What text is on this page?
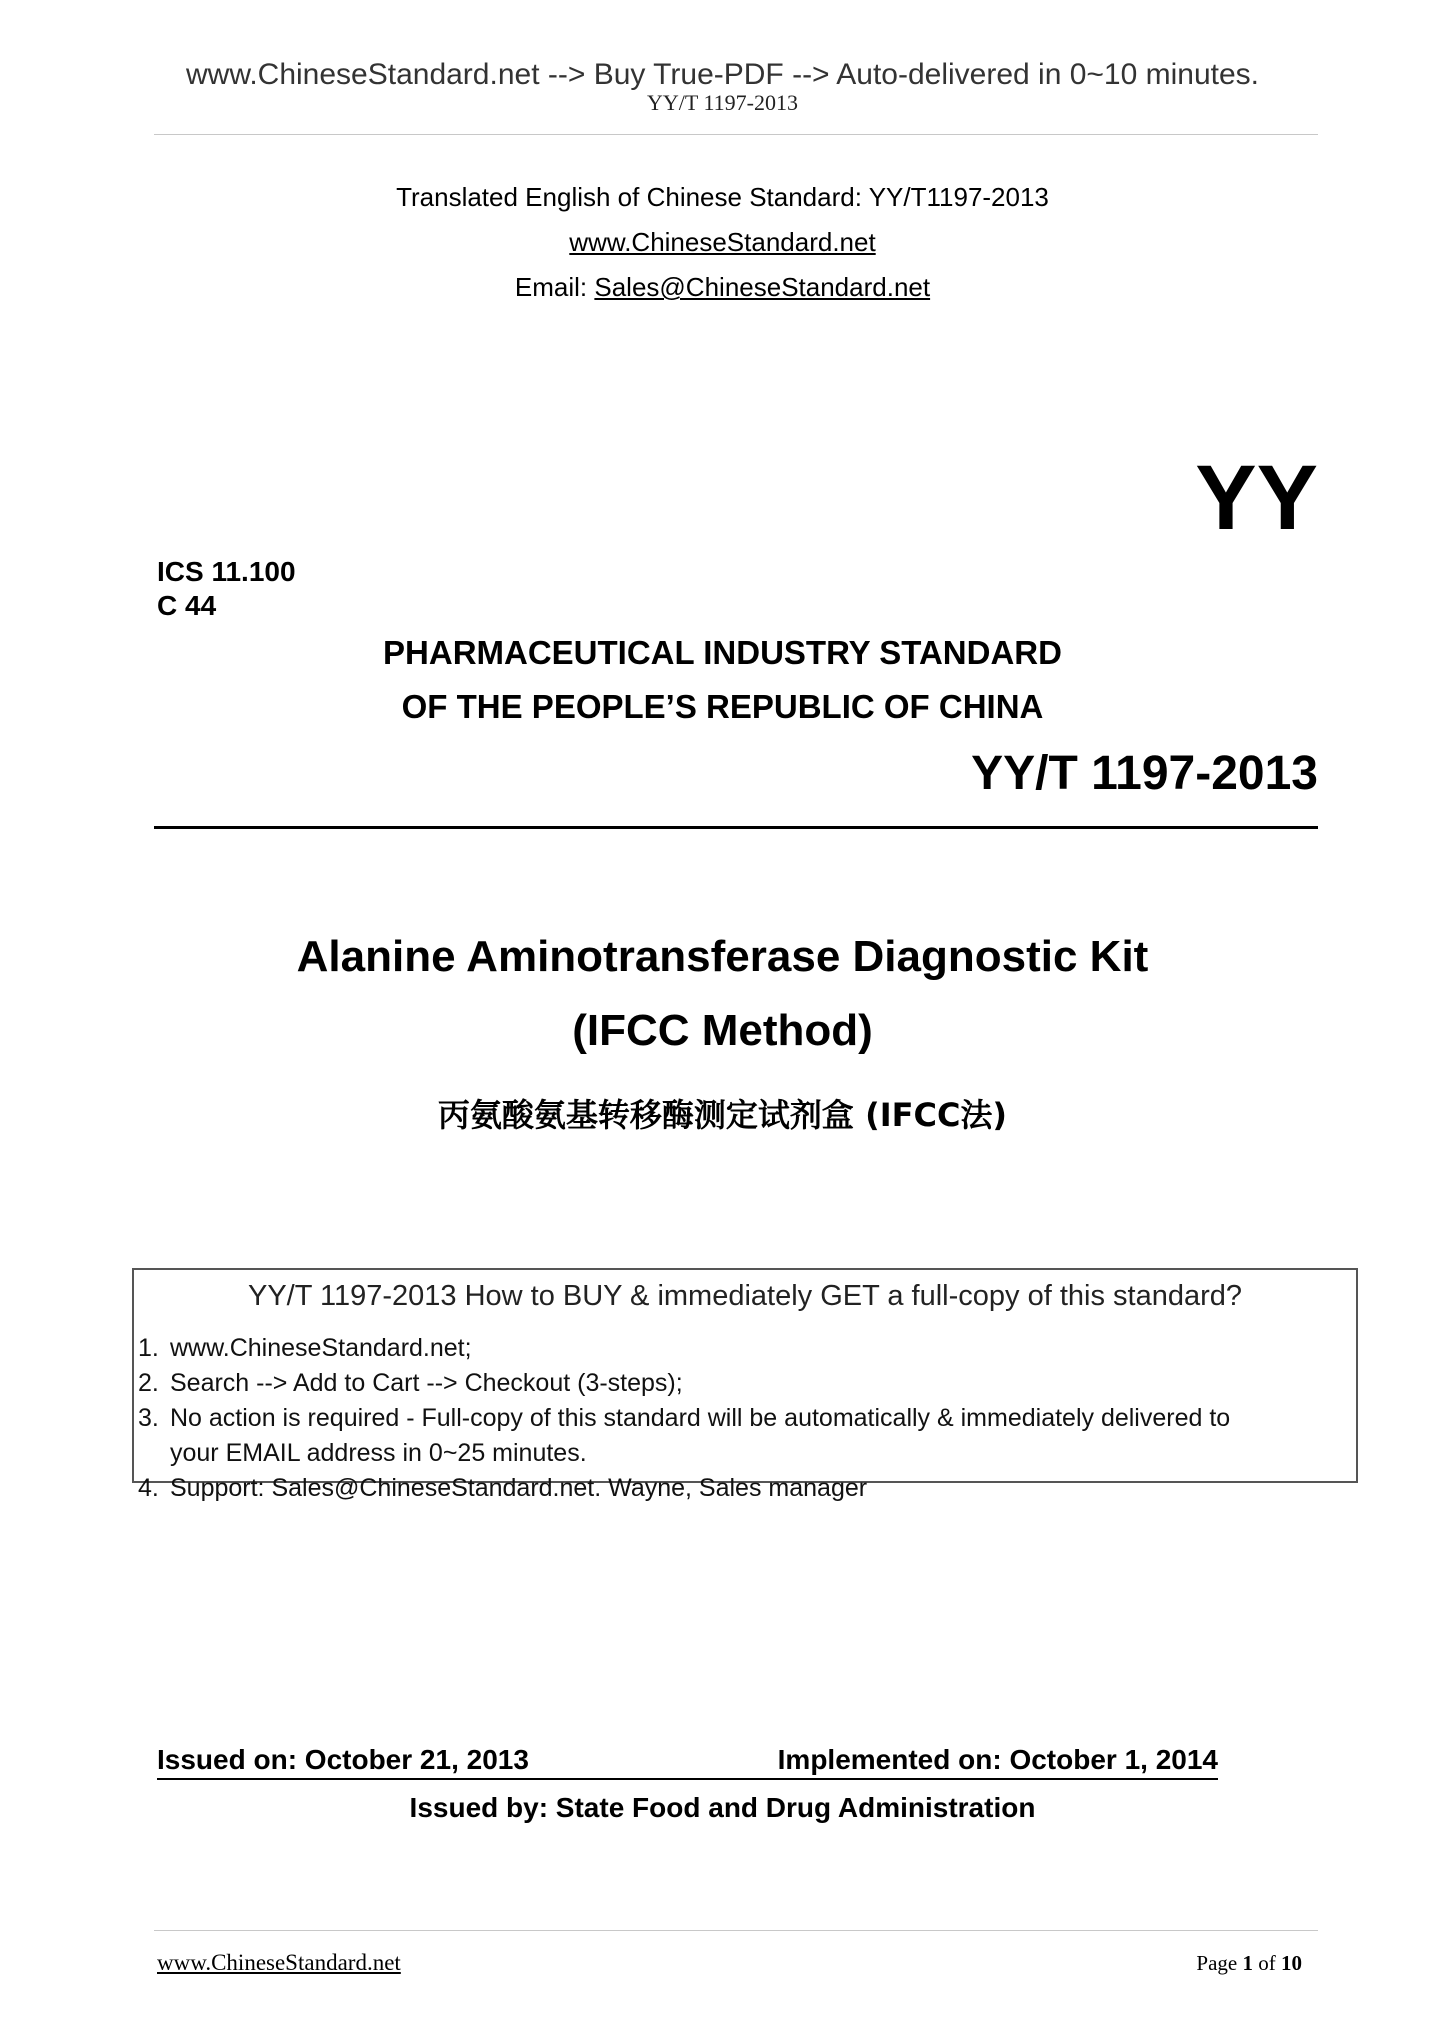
www.ChineseStandard.net --> Buy True-PDF --> Auto-delivered in 0~10 minutes.
YY/T 1197-2013
Translated English of Chinese Standard: YY/T1197-2013
www.ChineseStandard.net
Email: Sales@ChineseStandard.net
YY
ICS 11.100
C 44
PHARMACEUTICAL INDUSTRY STANDARD
OF THE PEOPLE’S REPUBLIC OF CHINA
YY/T 1197-2013
Alanine Aminotransferase Diagnostic Kit
(IFCC Method)
丙氨酸氨基转移酶测定试剂盒 (IFCC法)
YY/T 1197-2013 How to BUY & immediately GET a full-copy of this standard?
1. www.ChineseStandard.net;
2. Search --> Add to Cart --> Checkout (3-steps);
3. No action is required - Full-copy of this standard will be automatically & immediately delivered to
your EMAIL address in 0~25 minutes.
4. Support: Sales@ChineseStandard.net. Wayne, Sales manager
Issued on: October 21, 2013	Implemented on: October 1, 2014
Issued by: State Food and Drug Administration
www.ChineseStandard.net	Page 1 of 10
